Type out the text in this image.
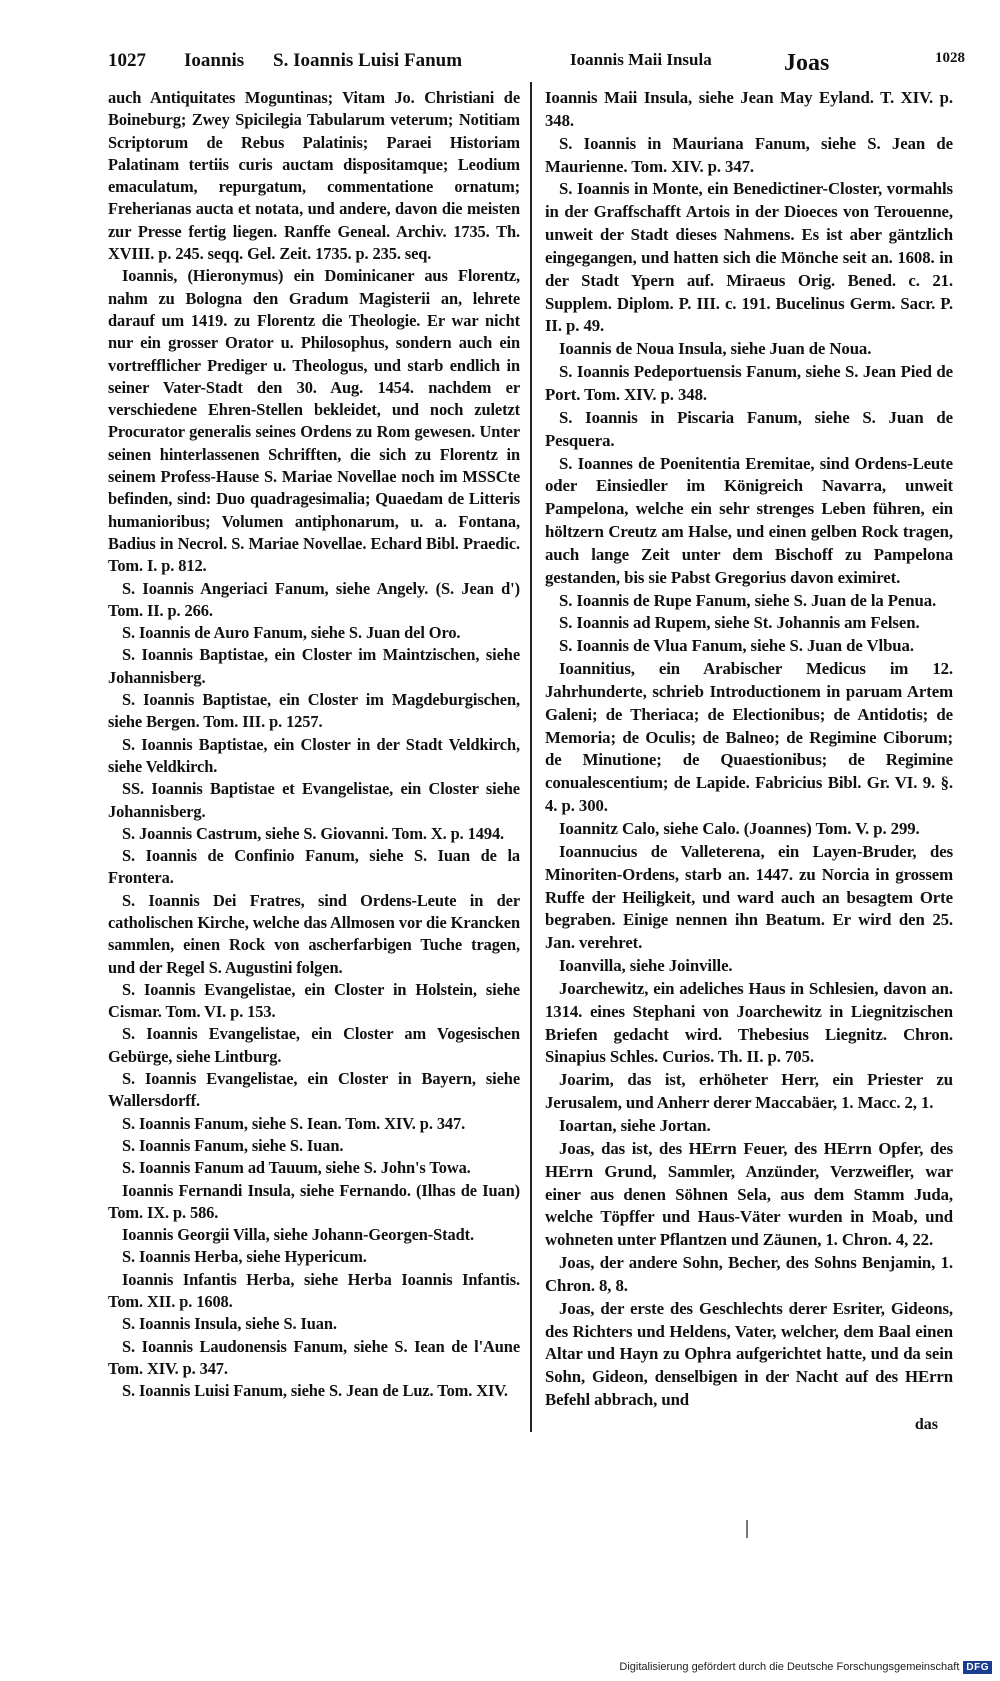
1027 Ioannis S. Ioannis Luisi Fanum	Ioannis Maii Insula	Joas	1028

auch Antiquitates Moguntinas; Vitam Jo. Christiani de Boineburg; Zwey Spicilegia Tabularum veterum; Notitiam Scriptorum de Rebus Palatinis; Paraei Historiam Palatinam tertiis curis auctam dispositamque; Leodium emaculatum, repurgatum, commentatione ornatum; Freherianas aucta et notata, und andere, davon die meisten zur Presse fertig liegen. Ranffe Geneal. Archiv. 1735. Th. XVIII. p. 245. seqq. Gel. Zeit. 1735. p. 235. seq.

Ioannis, (Hieronymus) ein Dominicaner aus Florentz, nahm zu Bologna den Gradum Magisterii an, lehrete darauf um 1419. zu Florentz die Theologie. Er war nicht nur ein grosser Orator u. Philosophus, sondern auch ein vortrefflicher Prediger u. Theologus, und starb endlich in seiner Vater-Stadt den 30. Aug. 1454. nachdem er verschiedene Ehren-Stellen bekleidet, und noch zuletzt Procurator generalis seines Ordens zu Rom gewesen. Unter seinen hinterlassenen Schrifften, die sich zu Florentz in seinem Profess-Hause S. Mariae Novellae noch im MSSCte befinden, sind: Duo quadragesimalia; Quaedam de Litteris humanioribus; Volumen antiphonarum, u. a. Fontana, Badius in Necrol. S. Mariae Novellae. Echard Bibl. Praedic. Tom. I. p. 812.

S. Ioannis Angeriaci Fanum, siehe Angely. (S. Jean d') Tom. II. p. 266.

S. Ioannis de Auro Fanum, siehe S. Juan del Oro.

S. Ioannis Baptistae, ein Closter im Maintzischen, siehe Johannisberg.

S. Ioannis Baptistae, ein Closter im Magdeburgischen, siehe Bergen. Tom. III. p. 1257.

S. Ioannis Baptistae, ein Closter in der Stadt Veldkirch, siehe Veldkirch.

SS. Ioannis Baptistae et Evangelistae, ein Closter siehe Johannisberg.

S. Joannis Castrum, siehe S. Giovanni. Tom. X. p. 1494.

S. Ioannis de Confinio Fanum, siehe S. Iuan de la Frontera.

S. Ioannis Dei Fratres, sind Ordens-Leute in der catholischen Kirche, welche das Allmosen vor die Krancken sammlen, einen Rock von ascherfarbigen Tuche tragen, und der Regel S. Augustini folgen.

S. Ioannis Evangelistae, ein Closter in Holstein, siehe Cismar. Tom. VI. p. 153.

S. Ioannis Evangelistae, ein Closter am Vogesischen Gebürge, siehe Lintburg.

S. Ioannis Evangelistae, ein Closter in Bayern, siehe Wallersdorff.

S. Ioannis Fanum, siehe S. Iean. Tom. XIV. p. 347.

S. Ioannis Fanum, siehe S. Iuan.

S. Ioannis Fanum ad Tauum, siehe S. John's Towa.

Ioannis Fernandi Insula, siehe Fernando. (Ilhas de Iuan) Tom. IX. p. 586.

Ioannis Georgii Villa, siehe Johann-Georgen-Stadt.

S. Ioannis Herba, siehe Hypericum.

Ioannis Infantis Herba, siehe Herba Ioannis Infantis. Tom. XII. p. 1608.

S. Ioannis Insula, siehe S. Iuan.

S. Ioannis Laudonensis Fanum, siehe S. Iean de l'Aune Tom. XIV. p. 347.

S. Ioannis Luisi Fanum, siehe S. Jean de Luz. Tom. XIV.

Ioannis Maii Insula, siehe Jean May Eyland. T. XIV. p. 348.

S. Ioannis in Mauriana Fanum, siehe S. Jean de Maurienne. Tom. XIV. p. 347.

S. Ioannis in Monte, ein Benedictiner-Closter, vormahls in der Graffschafft Artois in der Dioeces von Terouenne, unweit der Stadt dieses Nahmens. Es ist aber gäntzlich eingegangen, und hatten sich die Mönche seit an. 1608. in der Stadt Ypern auf. Miraeus Orig. Bened. c. 21. Supplem. Diplom. P. III. c. 191. Bucelinus Germ. Sacr. P. II. p. 49.

Ioannis de Noua Insula, siehe Juan de Noua.

S. Ioannis Pedeportuensis Fanum, siehe S. Jean Pied de Port. Tom. XIV. p. 348.

S. Ioannis in Piscaria Fanum, siehe S. Juan de Pesquera.

S. Ioannes de Poenitentia Eremitae, sind Ordens-Leute oder Einsiedler im Königreich Navarra, unweit Pampelona, welche ein sehr strenges Leben führen, ein höltzern Creutz am Halse, und einen gelben Rock tragen, auch lange Zeit unter dem Bischoff zu Pampelona gestanden, bis sie Pabst Gregorius davon eximiret.

S. Ioannis de Rupe Fanum, siehe S. Juan de la Penua.

S. Ioannis ad Rupem, siehe St. Johannis am Felsen.

S. Ioannis de Vlua Fanum, siehe S. Juan de Vlbua.

Ioannitius, ein Arabischer Medicus im 12. Jahrhunderte, schrieb Introductionem in paruam Artem Galeni; de Theriaca; de Electionibus; de Antidotis; de Memoria; de Oculis; de Balneo; de Regimine Ciborum; de Minutione; de Quaestionibus; de Regimine conualescentium; de Lapide. Fabricius Bibl. Gr. VI. 9. §. 4. p. 300.

Ioannitz Calo, siehe Calo. (Joannes) Tom. V. p. 299.

Ioannucius de Valleterena, ein Layen-Bruder, des Minoriten-Ordens, starb an. 1447. zu Norcia in grossem Ruffe der Heiligkeit, und ward auch an besagtem Orte begraben. Einige nennen ihn Beatum. Er wird den 25. Jan. verehret.

Ioanvilla, siehe Joinville.

Joarchewitz, ein adeliches Haus in Schlesien, davon an. 1314. eines Stephani von Joarchewitz in Liegnitzischen Briefen gedacht wird. Thebesius Liegnitz. Chron. Sinapius Schles. Curios. Th. II. p. 705.

Joarim, das ist, erhöheter Herr, ein Priester zu Jerusalem, und Anherr derer Maccabäer, 1. Macc. 2, 1.

Ioartan, siehe Jortan.

Joas, das ist, des HErrn Feuer, des HErrn Opfer, des HErrn Grund, Sammler, Anzünder, Verzweifler, war einer aus denen Söhnen Sela, aus dem Stamm Juda, welche Töpffer und Haus-Väter wurden in Moab, und wohneten unter Pflantzen und Zäunen, 1. Chron. 4, 22.

Joas, der andere Sohn, Becher, des Sohns Benjamin, 1. Chron. 8, 8.

Joas, der erste des Geschlechts derer Esriter, Gideons, des Richters und Heldens, Vater, welcher, dem Baal einen Altar und Hayn zu Ophra aufgerichtet hatte, und da sein Sohn, Gideon, denselbigen in der Nacht auf des HErrn Befehl abbrach, und

das
Digitalisierung gefördert durch die Deutsche Forschungsgemeinschaft DFG
